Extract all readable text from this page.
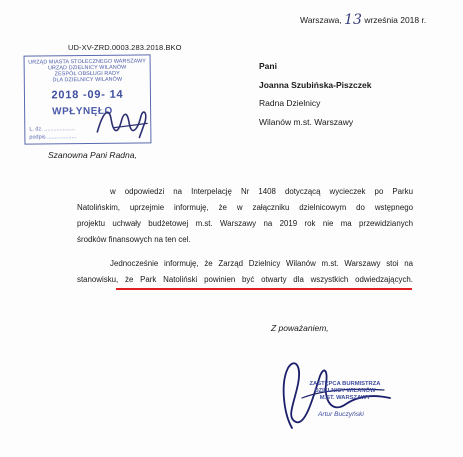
Warszawa, 13 września 2018 r.
UD-XV-ZRD.0003.283.2018.BKO
URZĄD MIASTA STOŁECZNEGO WARSZAWY
URZĄD DZIELNICY WILANÓW
ZESPÓŁ OBSŁUGI RADY
DLA DZIELNICY WILANÓW
2018 -09- 14
WPŁYNĘŁO
L. dz. ....................
podpis ...................
Pani
Joanna Szubińska-Piszczek
Radna Dzielnicy
Wilanów m.st. Warszawy
Szanowna Pani Radna,
w odpowiedzi na Interpelację Nr 1408 dotyczącą wycieczek po Parku
Natolińskim, uprzejmie informuję, że w załączniku dzielnicowym do wstępnego
projektu uchwały budżetowej m.st. Warszawy na 2019 rok nie ma przewidzianych
środków finansowych na ten cel.
Jednocześnie informuję, że Zarząd Dzielnicy Wilanów m.st. Warszawy stoi na
stanowisku, że Park Natoliński powinien być otwarty dla wszystkich odwiedzających.
Z poważaniem,
ZASTĘPCA BURMISTRZA
DZIELNICY WILANÓW
M.ST. WARSZAWY
Artur Buczyński
